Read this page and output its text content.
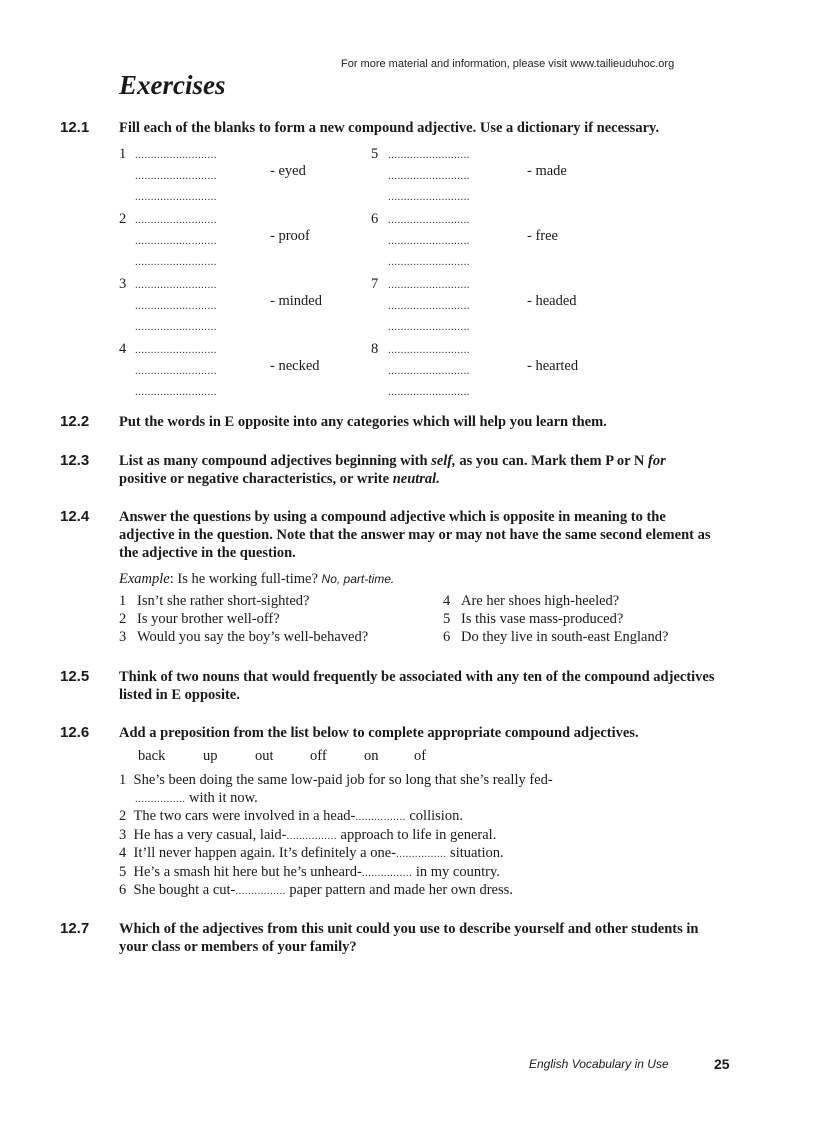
For more material and information, please visit www.tailieuduhoc.org
Exercises
12.1 Fill each of the blanks to form a new compound adjective. Use a dictionary if necessary.
1 ..........................
..........................	- eyed
..........................
2 ..........................
..........................	- proof
..........................
3 ..........................
..........................	- minded
..........................
4 ..........................
..........................	- necked
..........................
5 ..........................
..........................	- made
..........................
6 ..........................
..........................	- free
..........................
7 ..........................
..........................	- headed
..........................
8 ..........................
..........................	- hearted
..........................
12.2 Put the words in E opposite into any categories which will help you learn them.
12.3 List as many compound adjectives beginning with self, as you can. Mark them P or N for
positive or negative characteristics, or write neutral.
12.4 Answer the questions by using a compound adjective which is opposite in meaning to the adjective in the question. Note that the answer may or may not have the same second element as the adjective in the question.
Example: Is he working full-time? No, part-time.
1 Isn’t she rather short-sighted?
2 Is your brother well-off?
3 Would you say the boy’s well-behaved?
4 Are her shoes high-heeled?
5 Is this vase mass-produced?
6 Do they live in south-east England?
12.5 Think of two nouns that would frequently be associated with any ten of the compound adjectives listed in E opposite.
12.6 Add a preposition from the list below to complete appropriate compound adjectives.
back	up	out	off	on of
1  She’s been doing the same low-paid job for so long that she’s really fed-
................ with it now.
2 The two cars were involved in a head-................ collision.
3 He has a very casual, laid-................ approach to life in general.
4 It’ll never happen again. It’s definitely a one-................ situation.
5 He’s a smash hit here but he’s unheard-................ in my country.
6 She bought a cut-................ paper pattern and made her own dress.
12.7 Which of the adjectives from this unit could you use to describe yourself and other students in your class or members of your family?
English Vocabulary in Use	25
